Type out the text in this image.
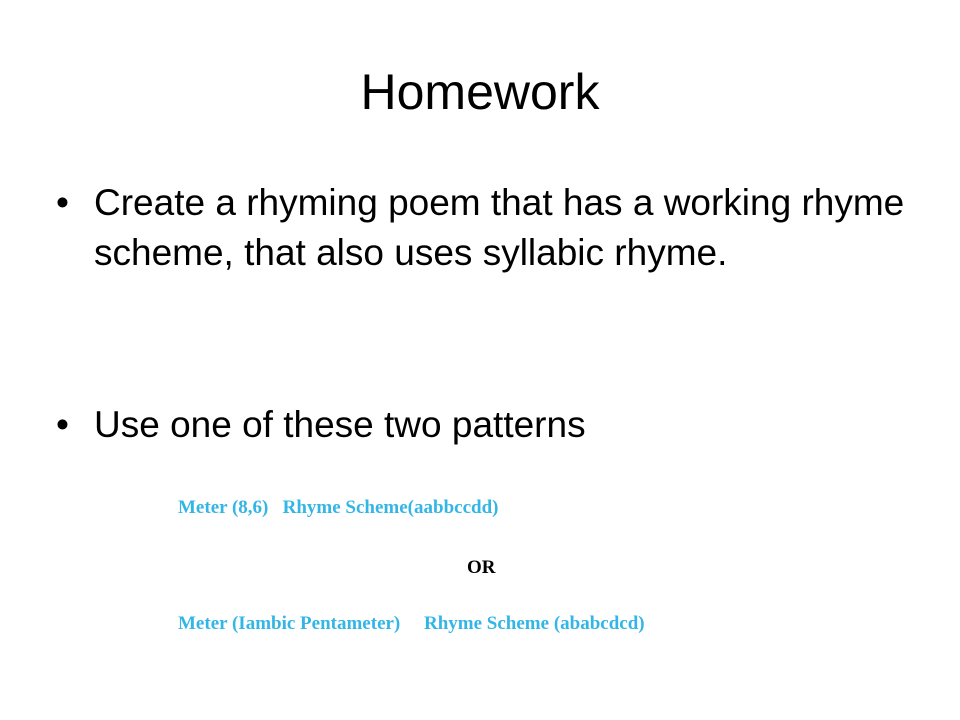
Homework
• Create a rhyming poem that has a working rhyme scheme, that also uses syllabic rhyme.
• Use one of these two patterns
Meter (8,6)   Rhyme Scheme(aabbccdd)
OR
Meter (Iambic Pentameter)     Rhyme Scheme (ababcdcd)
